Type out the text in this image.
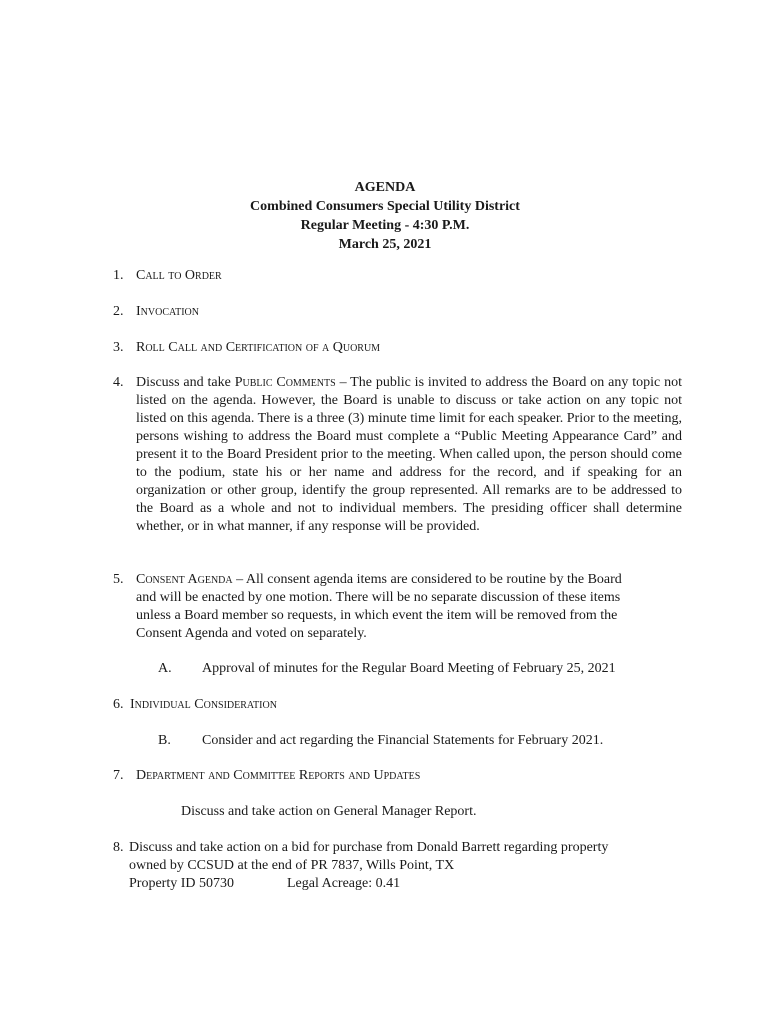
AGENDA
Combined Consumers Special Utility District
Regular Meeting - 4:30 P.M.
March 25, 2021
1. Call to Order
2. Invocation
3. Roll Call and Certification of a Quorum
4. Discuss and take Public Comments – The public is invited to address the Board on any topic not listed on the agenda. However, the Board is unable to discuss or take action on any topic not listed on this agenda. There is a three (3) minute time limit for each speaker. Prior to the meeting, persons wishing to address the Board must complete a “Public Meeting Appearance Card” and present it to the Board President prior to the meeting. When called upon, the person should come to the podium, state his or her name and address for the record, and if speaking for an organization or other group, identify the group represented. All remarks are to be addressed to the Board as a whole and not to individual members. The presiding officer shall determine whether, or in what manner, if any response will be provided.
5. Consent Agenda – All consent agenda items are considered to be routine by the Board
and will be enacted by one motion. There will be no separate discussion of these items
unless a Board member so requests, in which event the item will be removed from the
Consent Agenda and voted on separately.
A. Approval of minutes for the Regular Board Meeting of February 25, 2021
6. Individual Consideration
B. Consider and act regarding the Financial Statements for February 2021.
7. Department and Committee Reports and Updates
Discuss and take action on General Manager Report.
8. Discuss and take action on a bid for purchase from Donald Barrett regarding property
owned by CCSUD at the end of PR 7837, Wills Point, TX
Property ID 50730	Legal Acreage: 0.41
